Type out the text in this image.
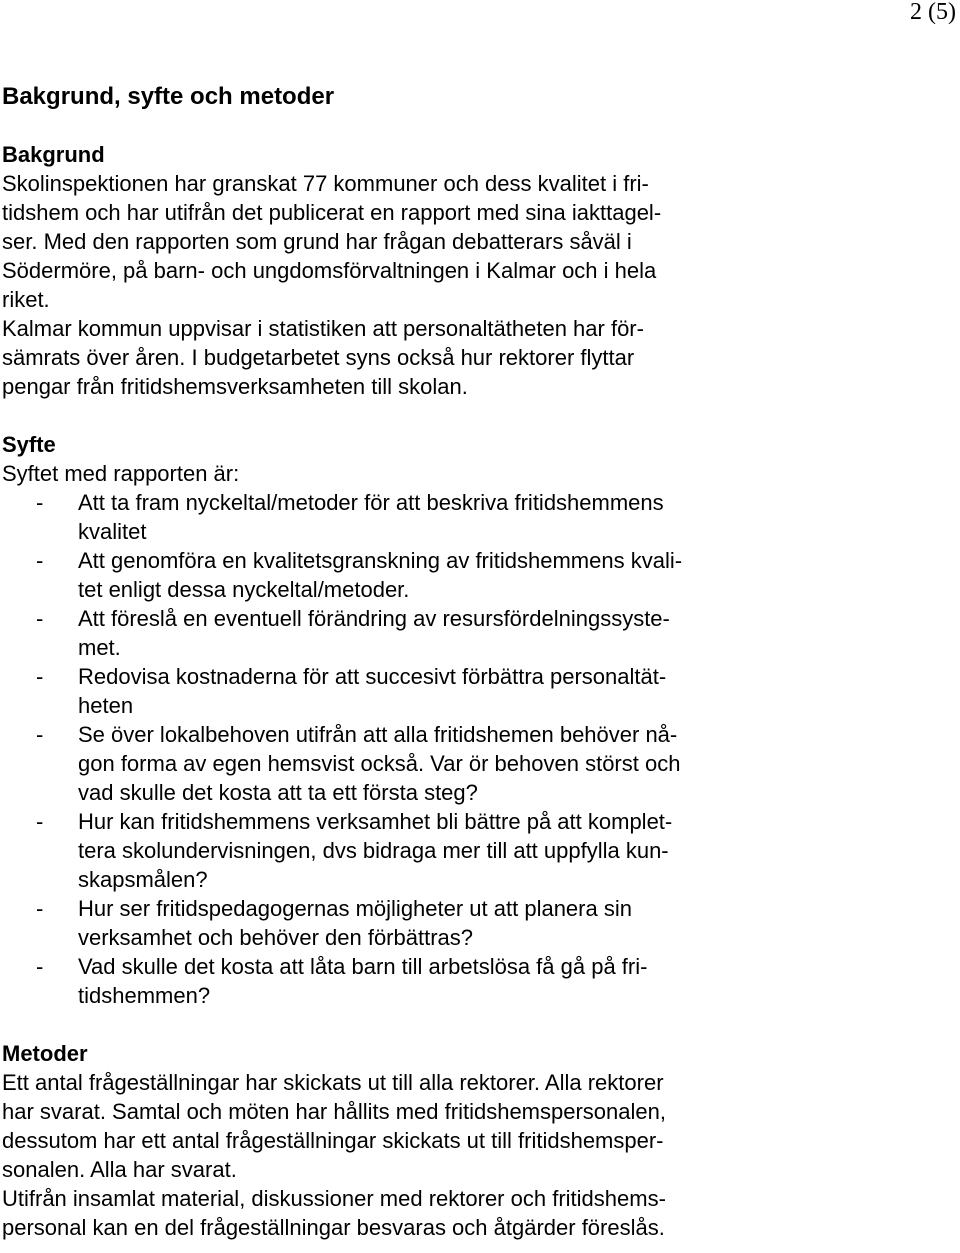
2 (5)
Bakgrund, syfte och metoder
Bakgrund
Skolinspektionen har granskat 77 kommuner och dess kvalitet i fri-
tidshem och har utifrån det publicerat en rapport med sina iakttagel-
ser. Med den rapporten som grund har frågan debatterars såväl i
Södermöre, på barn- och ungdomsförvaltningen i Kalmar och i hela
riket.
Kalmar kommun uppvisar i statistiken att personaltätheten har för-
sämrats över åren. I budgetarbetet syns också hur rektorer flyttar
pengar från fritidshemsverksamheten till skolan.
Syfte
Syftet med rapporten är:
- Att ta fram nyckeltal/metoder för att beskriva fritidshemmens
kvalitet
- Att genomföra en kvalitetsgranskning av fritidshemmens kvali-
tet enligt dessa nyckeltal/metoder.
- Att föreslå en eventuell förändring av resursfördelningssyste-
met.
- Redovisa kostnaderna för att succesivt förbättra personaltät-
heten
- Se över lokalbehoven utifrån att alla fritidshemen behöver nå-
gon forma av egen hemsvist också. Var ör behoven störst och
vad skulle det kosta att ta ett första steg?
- Hur kan fritidshemmens verksamhet bli bättre på att komplet-
tera skolundervisningen, dvs bidraga mer till att uppfylla kun-
skapsmålen?
- Hur ser fritidspedagogernas möjligheter ut att planera sin
verksamhet och behöver den förbättras?
- Vad skulle det kosta att låta barn till arbetslösa få gå på fri-
tidshemmen?
Metoder
Ett antal frågeställningar har skickats ut till alla rektorer. Alla rektorer
har svarat. Samtal och möten har hållits med fritidshemspersonalen,
dessutom har ett antal frågeställningar skickats ut till fritidshemsper-
sonalen. Alla har svarat.
Utifrån insamlat material, diskussioner med rektorer och fritidshems-
personal kan en del frågeställningar besvaras och åtgärder föreslås.
